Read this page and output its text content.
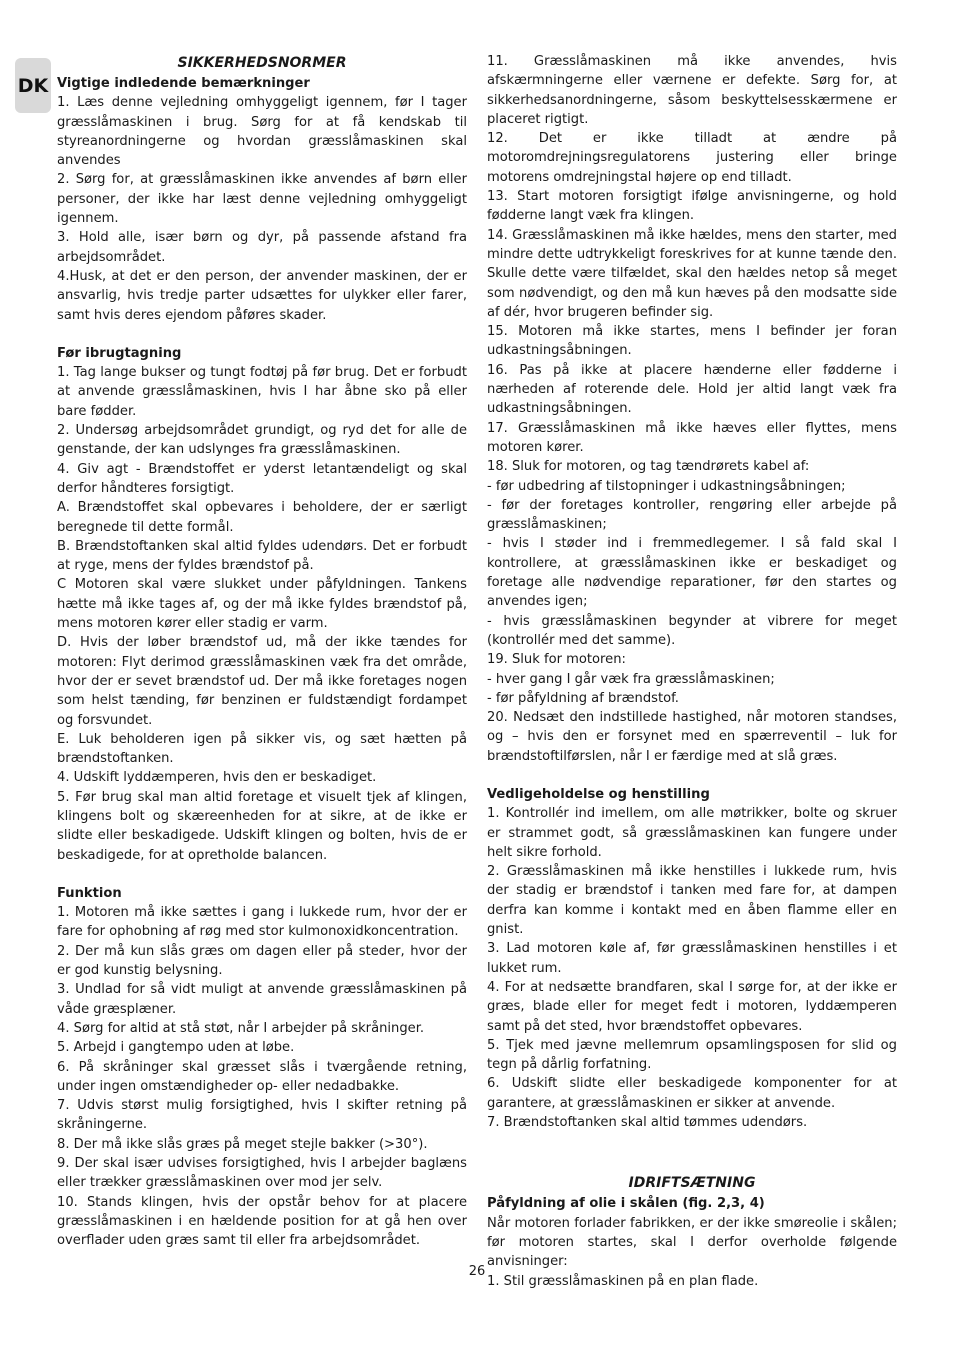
DK

SIKKERHEDSNORMER

Vigtige indledende bemærkninger

1. Læs denne vejledning omhyggeligt igennem, før I tager græsslåmaskinen i brug. Sørg for at få kendskab til styreanordningerne og hvordan græsslåmaskinen skal anvendes

2. Sørg for, at græsslåmaskinen ikke anvendes af børn eller personer, der ikke har læst denne vejledning omhyggeligt igennem.

3. Hold alle, især børn og dyr, på passende afstand fra arbejdsområdet.

4.Husk, at det er den person, der anvender maskinen, der er ansvarlig, hvis tredje parter udsættes for ulykker eller farer, samt hvis deres ejendom påføres skader.

Før ibrugtagning

1. Tag lange bukser og tungt fodtøj på før brug. Det er forbudt at anvende græsslåmaskinen, hvis I har åbne sko på eller bare fødder.

2. Undersøg arbejdsområdet grundigt, og ryd det for alle de genstande, der kan udslynges fra græsslåmaskinen.

4. Giv agt - Brændstoffet er yderst letantændeligt og skal derfor håndteres forsigtigt.

A. Brændstoffet skal opbevares i beholdere, der er særligt beregnede til dette formål.

B. Brændstoftanken skal altid fyldes udendørs. Det er forbudt at ryge, mens der fyldes brændstof på.

C Motoren skal være slukket under påfyldningen. Tankens hætte må ikke tages af, og der må ikke fyldes brændstof på, mens motoren kører eller stadig er varm.

D. Hvis der løber brændstof ud, må der ikke tændes for motoren: Flyt derimod græsslåmaskinen væk fra det område, hvor der er sevet brændstof ud. Der må ikke foretages nogen som helst tænding, før benzinen er fuldstændigt fordampet og forsvundet.

E. Luk beholderen igen på sikker vis, og sæt hætten på brændstoftanken.

4. Udskift lyddæmperen, hvis den er beskadiget.

5. Før brug skal man altid foretage et visuelt tjek af klingen, klingens bolt og skæreenheden for at sikre, at de ikke er slidte eller beskadigede. Udskift klingen og bolten, hvis de er beskadigede, for at opretholde balancen.

Funktion

1. Motoren må ikke sættes i gang i lukkede rum, hvor der er fare for ophobning af røg med stor kulmonoxidkoncentration.

2. Der må kun slås græs om dagen eller på steder, hvor der er god kunstig belysning.

3. Undlad for så vidt muligt at anvende græsslåmaskinen på våde græsplæner.

4. Sørg for altid at stå støt, når I arbejder på skråninger.

5. Arbejd i gangtempo uden at løbe.

6. På skråninger skal græsset slås i tværgående retning, under ingen omstændigheder op- eller nedadbakke.

7. Udvis størst mulig forsigtighed, hvis I skifter retning på skråningerne.

8. Der må ikke slås græs på meget stejle bakker (>30°).

9. Der skal især udvises forsigtighed, hvis I arbejder baglæns eller trækker græsslåmaskinen over mod jer selv.

10. Stands klingen, hvis der opstår behov for at placere græsslåmaskinen i en hældende position for at gå hen over overflader uden græs samt til eller fra arbejdsområdet.

11. Græsslåmaskinen må ikke anvendes, hvis afskærmningerne eller værnene er defekte. Sørg for, at sikkerhedsanordningerne, såsom beskyttelsesskærmene er placeret rigtigt.

12. Det er ikke tilladt at ændre på motoromdrejningsregulatorens justering eller bringe motorens omdrejningstal højere op end tilladt.

13. Start motoren forsigtigt ifølge anvisningerne, og hold fødderne langt væk fra klingen.

14. Græsslåmaskinen må ikke hældes, mens den starter, med mindre dette udtrykkeligt foreskrives for at kunne tænde den. Skulle dette være tilfældet, skal den hældes netop så meget som nødvendigt, og den må kun hæves på den modsatte side af dér, hvor brugeren befinder sig.

15. Motoren må ikke startes, mens I befinder jer foran udkastningsåbningen.

16. Pas på ikke at placere hænderne eller fødderne i nærheden af roterende dele. Hold jer altid langt væk fra udkastningsåbningen.

17. Græsslåmaskinen må ikke hæves eller flyttes, mens motoren kører.

18. Sluk for motoren, og tag tændrørets kabel af:

- før udbedring af tilstopninger i udkastningsåbningen;

- før der foretages kontroller, rengøring eller arbejde på græsslåmaskinen;

- hvis I støder ind i fremmedlegemer. I så fald skal I kontrollere, at græsslåmaskinen ikke er beskadiget og foretage alle nødvendige reparationer, før den startes og anvendes igen;

- hvis græsslåmaskinen begynder at vibrere for meget (kontrollér med det samme).

19. Sluk for motoren:

- hver gang I går væk fra græsslåmaskinen;

- før påfyldning af brændstof.

20. Nedsæt den indstillede hastighed, når motoren standses, og – hvis den er forsynet med en spærreventil – luk for brændstoftilførslen, når I er færdige med at slå græs.

Vedligeholdelse og henstilling

1. Kontrollér ind imellem, om alle møtrikker, bolte og skruer er strammet godt, så græsslåmaskinen kan fungere under helt sikre forhold.

2. Græsslåmaskinen må ikke henstilles i lukkede rum, hvis der stadig er brændstof i tanken med fare for, at dampen derfra kan komme i kontakt med en åben flamme eller en gnist.

3. Lad motoren køle af, før græsslåmaskinen henstilles i et lukket rum.

4. For at nedsætte brandfaren, skal I sørge for, at der ikke er græs, blade eller for meget fedt i motoren, lyddæmperen samt på det sted, hvor brændstoffet opbevares.

5. Tjek med jævne mellemrum opsamlingsposen for slid og tegn på dårlig forfatning.

6. Udskift slidte eller beskadigede komponenter for at garantere, at græsslåmaskinen er sikker at anvende.

7. Brændstoftanken skal altid tømmes udendørs.

IDRIFTSÆTNING

Påfyldning af olie i skålen (fig. 2,3, 4)

Når motoren forlader fabrikken, er der ikke smøreolie i skålen; før motoren startes, skal I derfor overholde følgende anvisninger:

1. Stil græsslåmaskinen på en plan flade.

26
